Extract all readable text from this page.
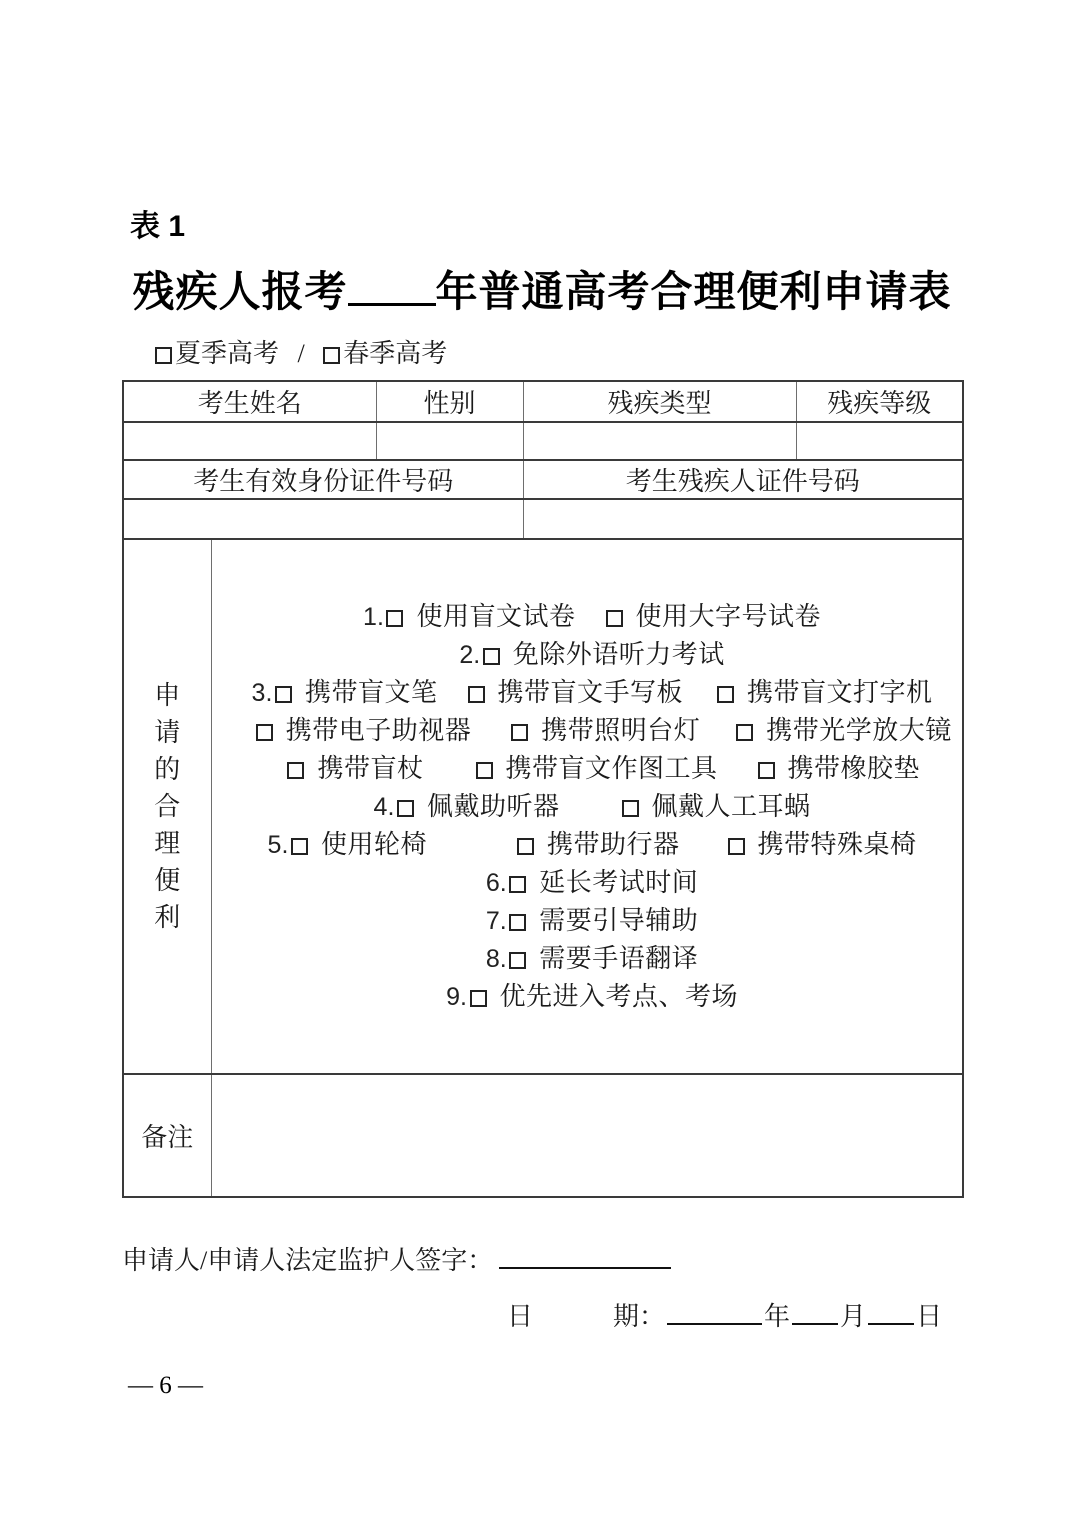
表 1
残疾人报考 年普通高考合理便利申请表
夏季高考 / 春季高考
考生姓名		性别	残疾类型	残疾等级

考生有效身份证件号码			考生残疾人证件号码	

申请的合理便利

1. 使用盲文试卷 使用大字号试卷
2. 免除外语听力考试
3. 携带盲文笔 携带盲文手写板 携带盲文打字机
携带电子助视器	携带照明台灯	携带光学放大镜
携带盲杖	携带盲文作图工具	携带橡胶垫
4. 佩戴助听器	佩戴人工耳蜗
5. 使用轮椅	携带助行器	携带特殊桌椅
6. 延长考试时间
7. 需要引导辅助
8. 需要手语翻译
9. 优先进入考点、考场

备注				
申请人/申请人法定监护人签字：
日	期：	年 月 日
— 6 —
